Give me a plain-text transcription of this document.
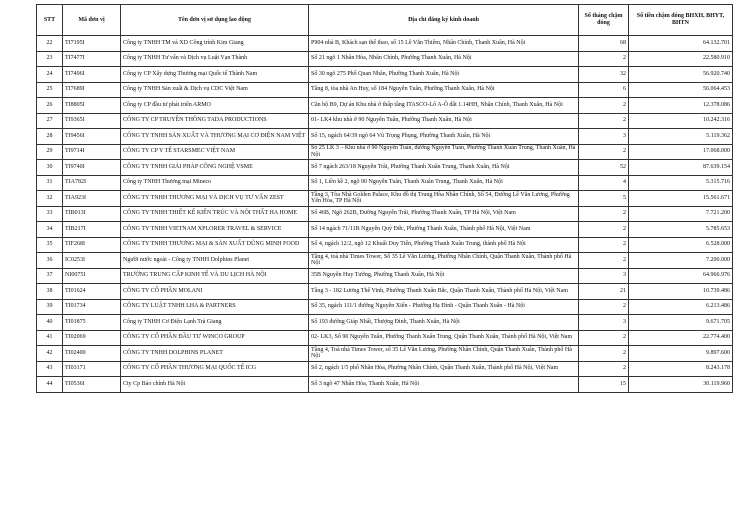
STT	Mã đơn vị	Tên đơn vị sử dụng lao động	Địa chỉ đăng ký kinh doanh	Số tháng chậm đóng	Số tiền chậm đóng BHXH, BHYT, BHTN
22	TI7195I	Công ty TNHH TM và XD Công trình Kim Giang	P904 nhà B, Khách sạn thể thao, số 15 Lê Văn Thiêm, Nhân Chính, Thanh Xuân, Hà Nội	68	64.132.701
23	TI7477I	Công ty TNHH Tư vấn và Dịch vụ Luật Vạn Thành	Số 21 ngõ 1 Nhân Hòa, Nhân Chính, Phường Thanh Xuân, Hà Nội	2	22.580.910
24	TI7496I	Công ty CP Xây dựng Thương mại Quốc tế Thành Nam	Số 30 ngõ 275 Phố Quan Nhân, Phường Thanh Xuân, Hà Nội	32	56.920.740
25	TI7689I	Công ty TNHH Sản xuất & Dịch vụ CDC Việt Nam	Tầng 8, tòa nhà An Huy, số 184 Nguyễn Tuân, Phường Thanh Xuân, Hà Nội	6	56.064.453
26	TI8805I	Công ty CP đầu tư phát triển ARMO	Căn hộ B9, Dự án Khu nhà ở thấp tầng ITASCO-Lô A-Ô đất 1.14HH, Nhân Chính, Thanh Xuân, Hà Nội	2	12.378.086
27	TI9365I	CÔNG TY CP TRUYỀN THÔNG TADA PRODUCTIONS	01- LK4 khu nhà ở 90 Nguyễn Tuân, Phường Thanh Xuân, Hà Nội	2	10.242.316
28	TI9456I	CÔNG TY TNHH SẢN XUẤT VÀ THƯƠNG MẠI CƠ ĐIỆN NAM VIỆT	Số 15, ngách 64/39 ngõ 64 Vũ Trọng Phụng, Phường Thanh Xuân, Hà Nội	3	5.119.362
29	TI9714I	CÔNG TY CP Y TẾ STARSMEC VIỆT NAM	Số 25 LK 3 – Khu nhà ở 90 Nguyễn Tuân, đường Nguyễn Tuân, Phường Thanh Xuân Trung, Thanh Xuân, Hà Nội	2	17.068.000
30	TI9740I	CÔNG TY TNHH GIẢI PHÁP CÔNG NGHỆ VSME	Số 7 ngách 263/18 Nguyễn Trãi, Phường Thanh Xuân Trung, Thanh Xuân, Hà Nội	52	87.639.154
31	TIA782I	Công ty TNHH Thương mại Mineco	Số 1, Liền kề 2, ngõ 90 Nguyễn Tuân, Thanh Xuân Trung, Thanh Xuân, Hà Nội	4	5.315.716
32	TIA923I	CÔNG TY TNHH THƯƠNG MẠI VÀ DỊCH VỤ TƯ VẤN ZEST	Tầng 3, Tòa Nhà Golden Palace, Khu đô thị Trung Hòa Nhân Chính, Số 54, Đường Lê Văn Lương, Phường Yên Hòa, TP Hà Nội	5	15.561.671
33	TIB013I	CÔNG TY TNHH THIẾT KẾ KIẾN TRÚC VÀ NỘI THẤT HA HOME	Số 46B, Ngõ 262B, Đường Nguyễn Trãi, Phường Thanh Xuân, TP Hà Nội, Việt Nam	2	7.721.200
34	TIB217I	CÔNG TY TNHH VIETNAM XPLORER TRAVEL & SERVICE	Số 14 ngách 71/11B Nguyễn Quý Đức, Phường Thanh Xuân, Thành phố Hà Nội, Việt Nam	2	5.785.653
35	TIF268I	CÔNG TY TNHH THƯƠNG MẠI & SẢN XUẤT DŨNG MINH FOOD	Số 4, ngách 12/2, ngõ 12 Khuất Duy Tiến, Phường Thanh Xuân Trung, thành phố Hà Nội	2	6.528.000
36	IC0253I	Người nước ngoài - Công ty TNHH Dolphins Planet	Tầng 4, toà nhà Times Tower, Số 35 Lê Văn Lương, Phường Nhân Chính, Quận Thanh Xuân, Thành phố Hà Nội	2	7.200.000
37	NI0075I	TRƯỜNG TRUNG CẤP KINH TẾ VÀ DU LỊCH HÀ NỘI	35B Nguyễn Huy Tưởng, Phường Thanh Xuân, Hà Nội	3	64.966.976
38	TI01624	CÔNG TY CỔ PHẦN MOLANI	Tầng 3 - 182 Lương Thế Vinh, Phường Thanh Xuân Bắc, Quận Thanh Xuân, Thành phố Hà Nội, Việt Nam	21	10.739.486
39	TI01734	CÔNG TY LUẬT TNHH LHA & PARTNERS	Số 35, ngách 111/1 đường Nguyễn Xiển - Phường Hạ Đình - Quận Thanh Xuân - Hà Nội	2	6.213.486
40	TI01875	Công ty TNHH Cơ Điện Lạnh Trà Giang	Số 193 đường Giáp Nhất, Thượng Đình, Thanh Xuân, Hà Nội	3	9.671.705
41	TI02069	CÔNG TY CỔ PHẦN ĐẦU TƯ WINCO GROUP	02- LK3, Số 90 Nguyễn Tuân, Phường Thanh Xuân Trung, Quận Thanh Xuân, Thành phố Hà Nội, Việt Nam	2	22.774.400
42	TI02400	CÔNG TY TNHH DOLPHINS PLANET	Tầng 4, Toà nhà Times Tower, số 35 Lê Văn Lương, Phường Nhân Chính, Quận Thanh Xuân, Thành phố Hà Nội	2	9.897.600
43	TI03171	CÔNG TY CỔ PHẦN THƯƠNG MẠI QUỐC TẾ ICG	Số 2, ngách 1/5 phố Nhân Hòa, Phường Nhân Chính, Quận Thanh Xuân, Thành phố Hà Nội, Việt Nam	2	8.243.178
44	TI0536I	Cty Cp Báo chính Hà Nội	Số 3 ngõ 47 Nhân Hòa, Thanh Xuân, Hà Nội	15	30.119.960
